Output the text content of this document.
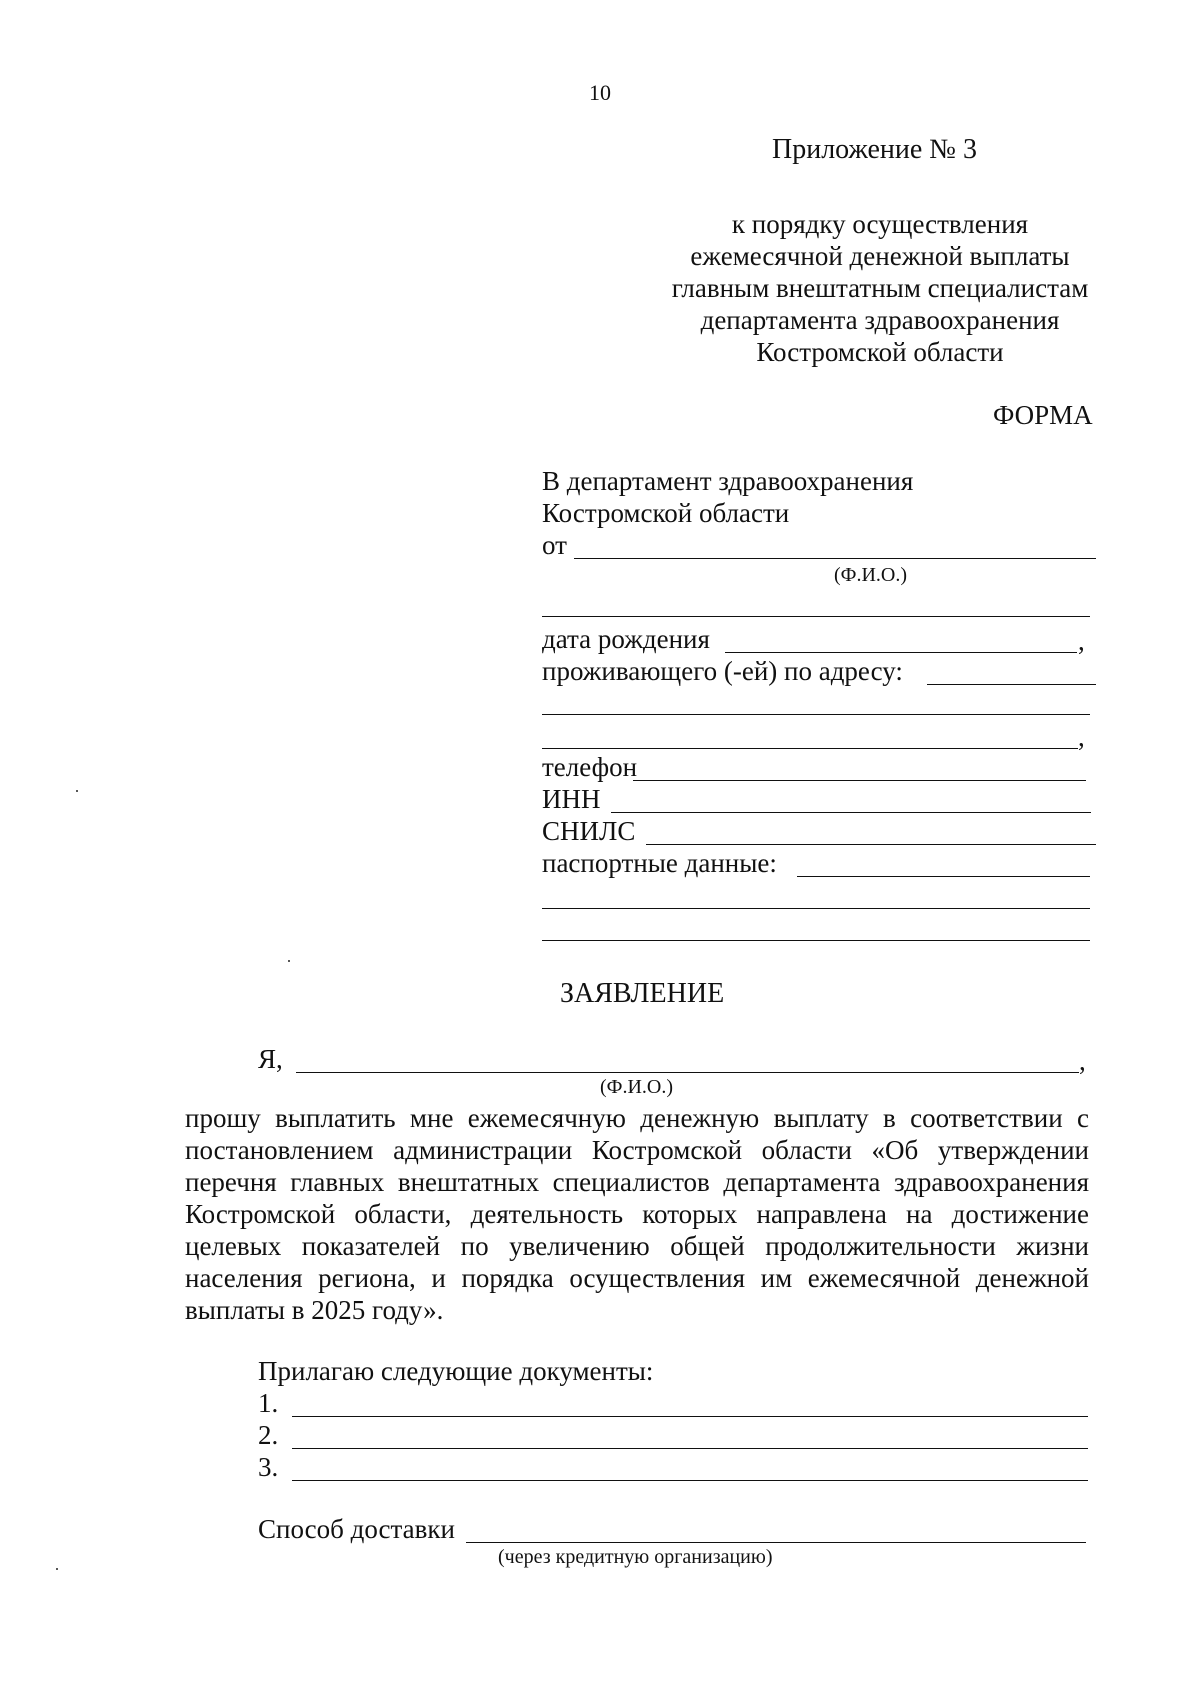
10
Приложение № 3
к порядку осуществления
ежемесячной денежной выплаты
главным внештатным специалистам
департамента здравоохранения
Костромской области
ФОРМА
В департамент здравоохранения
Костромской области
от
(Ф.И.О.)
дата рождения	,
проживающего (-ей) по адресу:
,
телефон
ИНН
СНИЛС
паспортные данные:
ЗАЯВЛЕНИЕ
Я,	,
(Ф.И.О.)
прошу выплатить мне ежемесячную денежную выплату в соответствии с постановлением администрации Костромской области «Об утверждении перечня главных внештатных специалистов департамента здравоохранения Костромской области, деятельность которых направлена на достижение целевых показателей по увеличению общей продолжительности жизни населения региона, и порядка осуществления им ежемесячной денежной выплаты в 2025 году».
Прилагаю следующие документы:
1.
2.
3.
Способ доставки
(через кредитную организацию)
